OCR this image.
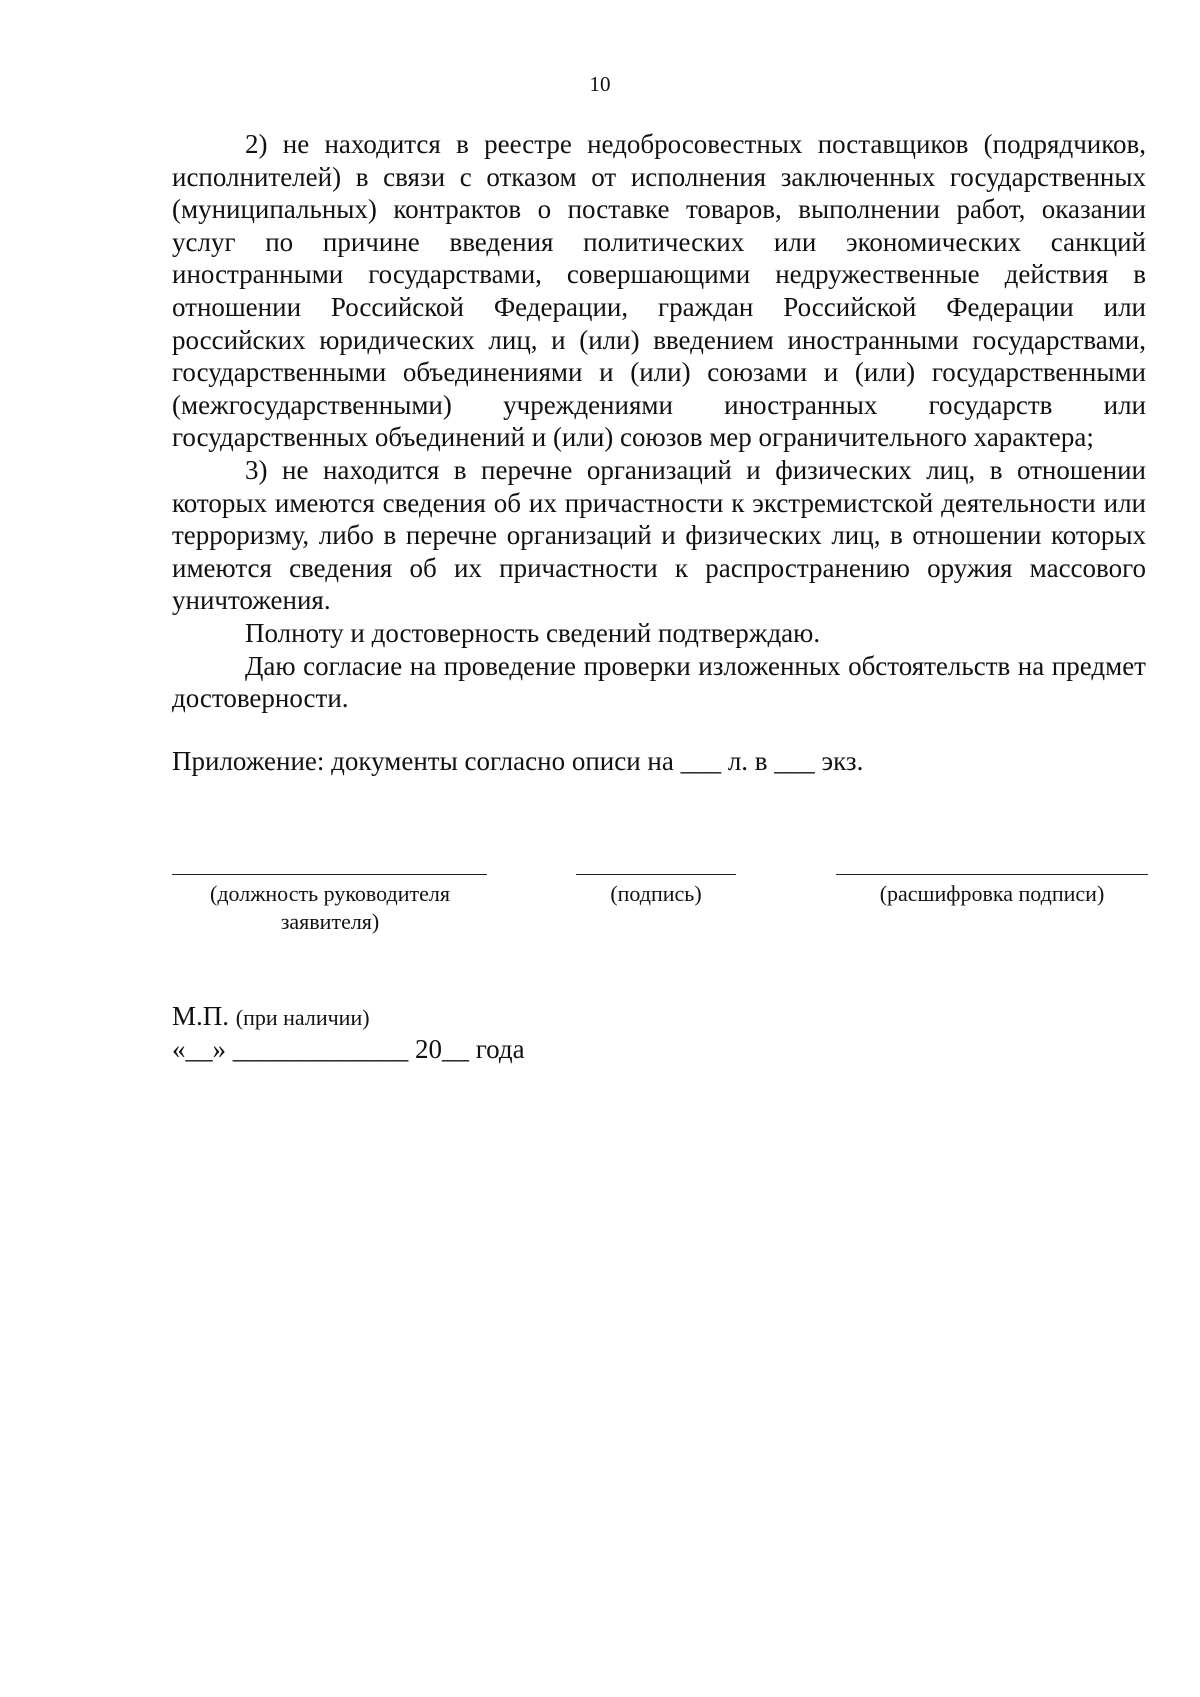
10

2) не находится в реестре недобросовестных поставщиков (подрядчиков, исполнителей) в связи с отказом от исполнения заключенных государственных (муниципальных) контрактов о поставке товаров, выполнении работ, оказании услуг по причине введения политических или экономических санкций иностранными государствами, совершающими недружественные действия в отношении Российской Федерации, граждан Российской Федерации или российских юридических лиц, и (или) введением иностранными государствами, государственными объединениями и (или) союзами и (или) государственными (межгосударственными) учреждениями иностранных государств или государственных объединений и (или) союзов мер ограничительного характера;

3) не находится в перечне организаций и физических лиц, в отношении которых имеются сведения об их причастности к экстремистской деятельности или терроризму, либо в перечне организаций и физических лиц, в отношении которых имеются сведения об их причастности к распространению оружия массового уничтожения.

Полноту и достоверность сведений подтверждаю.

Даю согласие на проведение проверки изложенных обстоятельств на предмет достоверности.

Приложение: документы согласно описи на ___ л. в ___ экз.
(должность руководителя заявителя)
(подпись)	(расшифровка подписи)
М.П. (при наличии)
«__» _____________ 20__ года
